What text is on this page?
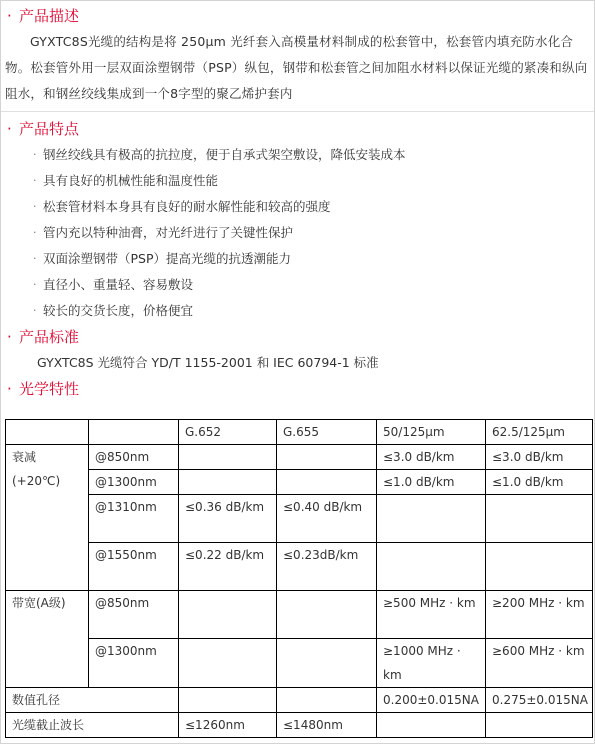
· 产品描述
GYXTC8S光缆的结构是将 250μm 光纤套入高模量材料制成的松套管中，松套管内填充防水化合物。松套管外用一层双面涂塑钢带（PSP）纵包，钢带和松套管之间加阻水材料以保证光缆的紧凑和纵向阻水，和钢丝绞线集成到一个8字型的聚乙烯护套内
· 产品特点
· 钢丝绞线具有极高的抗拉度，便于自承式架空敷设，降低安装成本
· 具有良好的机械性能和温度性能
· 松套管材料本身具有良好的耐水解性能和较高的强度
· 管内充以特种油膏，对光纤进行了关键性保护
· 双面涂塑钢带（PSP）提高光缆的抗透潮能力
· 直径小、重量轻、容易敷设
· 较长的交货长度，价格便宜
· 产品标准
GYXTC8S 光缆符合 YD/T 1155-2001 和 IEC 60794-1 标准
· 光学特性
		G.652	G.655	50/125μm	62.5/125μm

衰减
(+20℃)	@850nm			≤3.0 dB/km	≤3.0 dB/km
	@1300nm			≤1.0 dB/km	≤1.0 dB/km
	@1310nm	≤0.36 dB/km	≤0.40 dB/km		
	@1550nm	≤0.22 dB/km	≤0.23dB/km		
带宽(A级)	@850nm			≥500 MHz · km	≥200 MHz · km
	@1300nm			≥1000 MHz · km	≥600 MHz · km
数值孔径				0.200±0.015NA	0.275±0.015NA
光缆截止波长		≤1260nm	≤1480nm		
